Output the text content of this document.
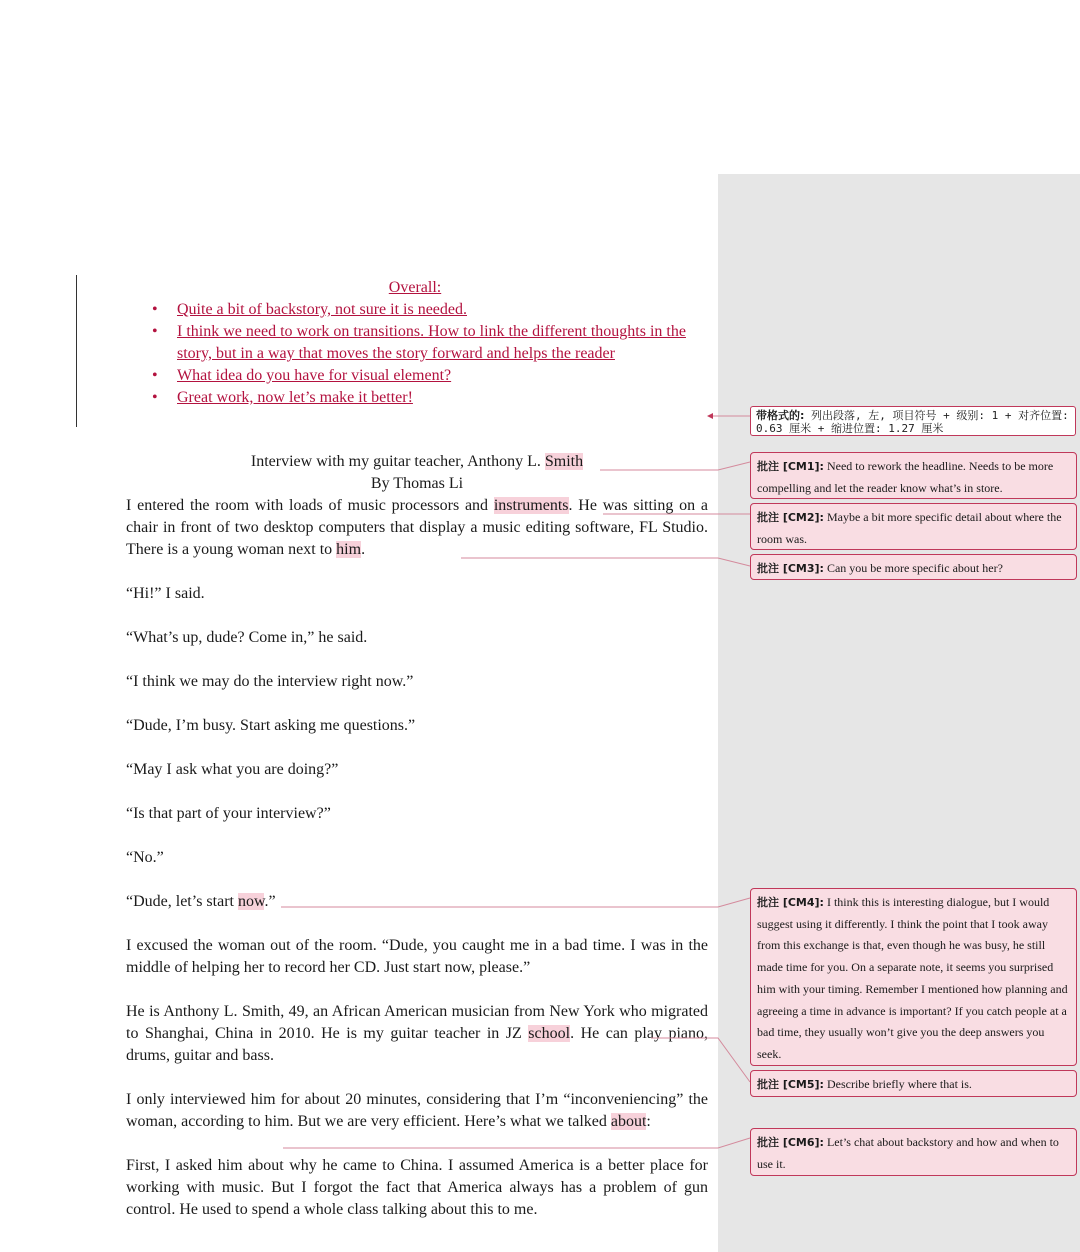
Overall:
• Quite a bit of backstory, not sure it is needed.
• I think we need to work on transitions. How to link the different thoughts in the story, but in a way that moves the story forward and helps the reader
• What idea do you have for visual element?
• Great work, now let’s make it better!

Interview with my guitar teacher, Anthony L. Smith

By Thomas Li

I entered the room with loads of music processors and instruments. He was sitting on a chair in front of two desktop computers that display a music editing software, FL Studio. There is a young woman next to him.

“Hi!” I said.

“What’s up, dude? Come in,” he said.

“I think we may do the interview right now.”

“Dude, I’m busy. Start asking me questions.”

“May I ask what you are doing?”

“Is that part of your interview?”

“No.”

“Dude, let’s start now.”

I excused the woman out of the room. “Dude, you caught me in a bad time. I was in the middle of helping her to record her CD. Just start now, please.”

He is Anthony L. Smith, 49, an African American musician from New York who migrated to Shanghai, China in 2010. He is my guitar teacher in JZ school. He can play piano, drums, guitar and bass.

I only interviewed him for about 20 minutes, considering that I’m “inconveniencing” the woman, according to him. But we are very efficient. Here’s what we talked about:

First, I asked him about why he came to China. I assumed America is a better place for working with music. But I forgot the fact that America always has a problem of gun control. He used to spend a whole class talking about this to me.

带格式的: 列出段落, 左, 项目符号 + 级别: 1 + 对齐位置: 0.63 厘米 + 缩进位置: 1.27 厘米
批注 [CM1]: Need to rework the headline. Needs to be more compelling and let the reader know what’s in store.
批注 [CM2]: Maybe a bit more specific detail about where the room was.
批注 [CM3]: Can you be more specific about her?
批注 [CM4]: I think this is interesting dialogue, but I would suggest using it differently. I think the point that I took away from this exchange is that, even though he was busy, he still made time for you. On a separate note, it seems you surprised him with your timing. Remember I mentioned how planning and agreeing a time in advance is important? If you catch people at a bad time, they usually won’t give you the deep answers you seek.
批注 [CM5]: Describe briefly where that is.
批注 [CM6]: Let’s chat about backstory and how and when to use it.
